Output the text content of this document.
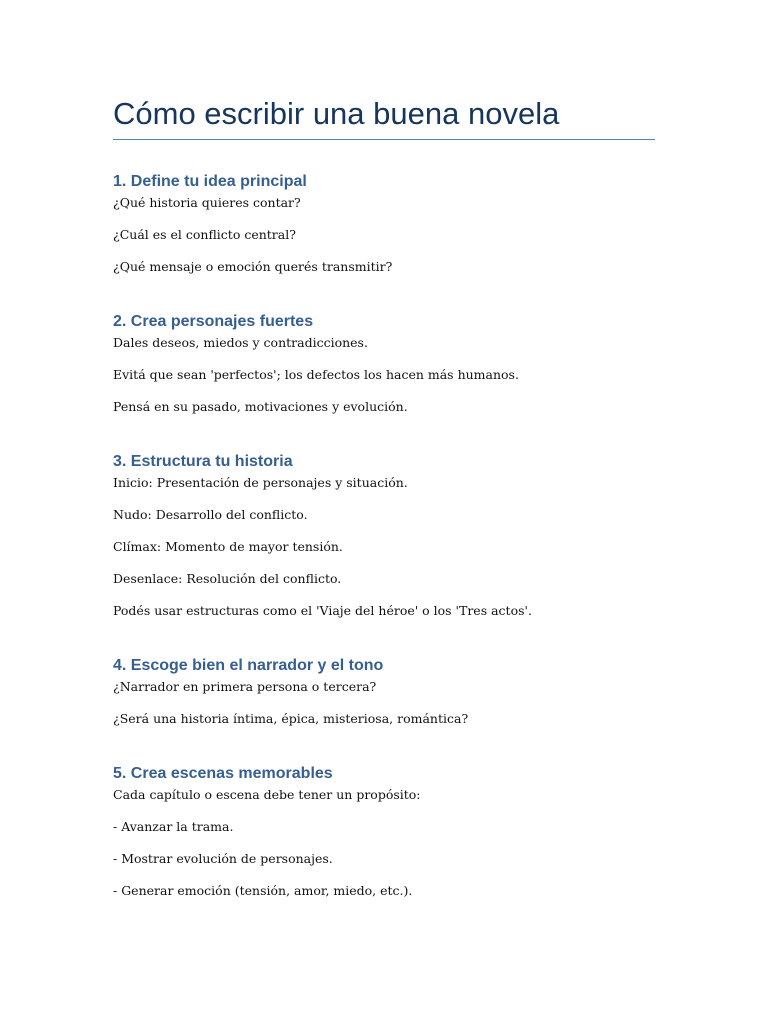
Cómo escribir una buena novela
1. Define tu idea principal

¿Qué historia quieres contar?

¿Cuál es el conflicto central?

¿Qué mensaje o emoción querés transmitir?

2. Crea personajes fuertes

Dales deseos, miedos y contradicciones.

Evitá que sean 'perfectos'; los defectos los hacen más humanos.

Pensá en su pasado, motivaciones y evolución.

3. Estructura tu historia

Inicio: Presentación de personajes y situación.

Nudo: Desarrollo del conflicto.

Clímax: Momento de mayor tensión.

Desenlace: Resolución del conflicto.

Podés usar estructuras como el 'Viaje del héroe' o los 'Tres actos'.

4. Escoge bien el narrador y el tono

¿Narrador en primera persona o tercera?

¿Será una historia íntima, épica, misteriosa, romántica?

5. Crea escenas memorables

Cada capítulo o escena debe tener un propósito:

- Avanzar la trama.

- Mostrar evolución de personajes.

- Generar emoción (tensión, amor, miedo, etc.).
